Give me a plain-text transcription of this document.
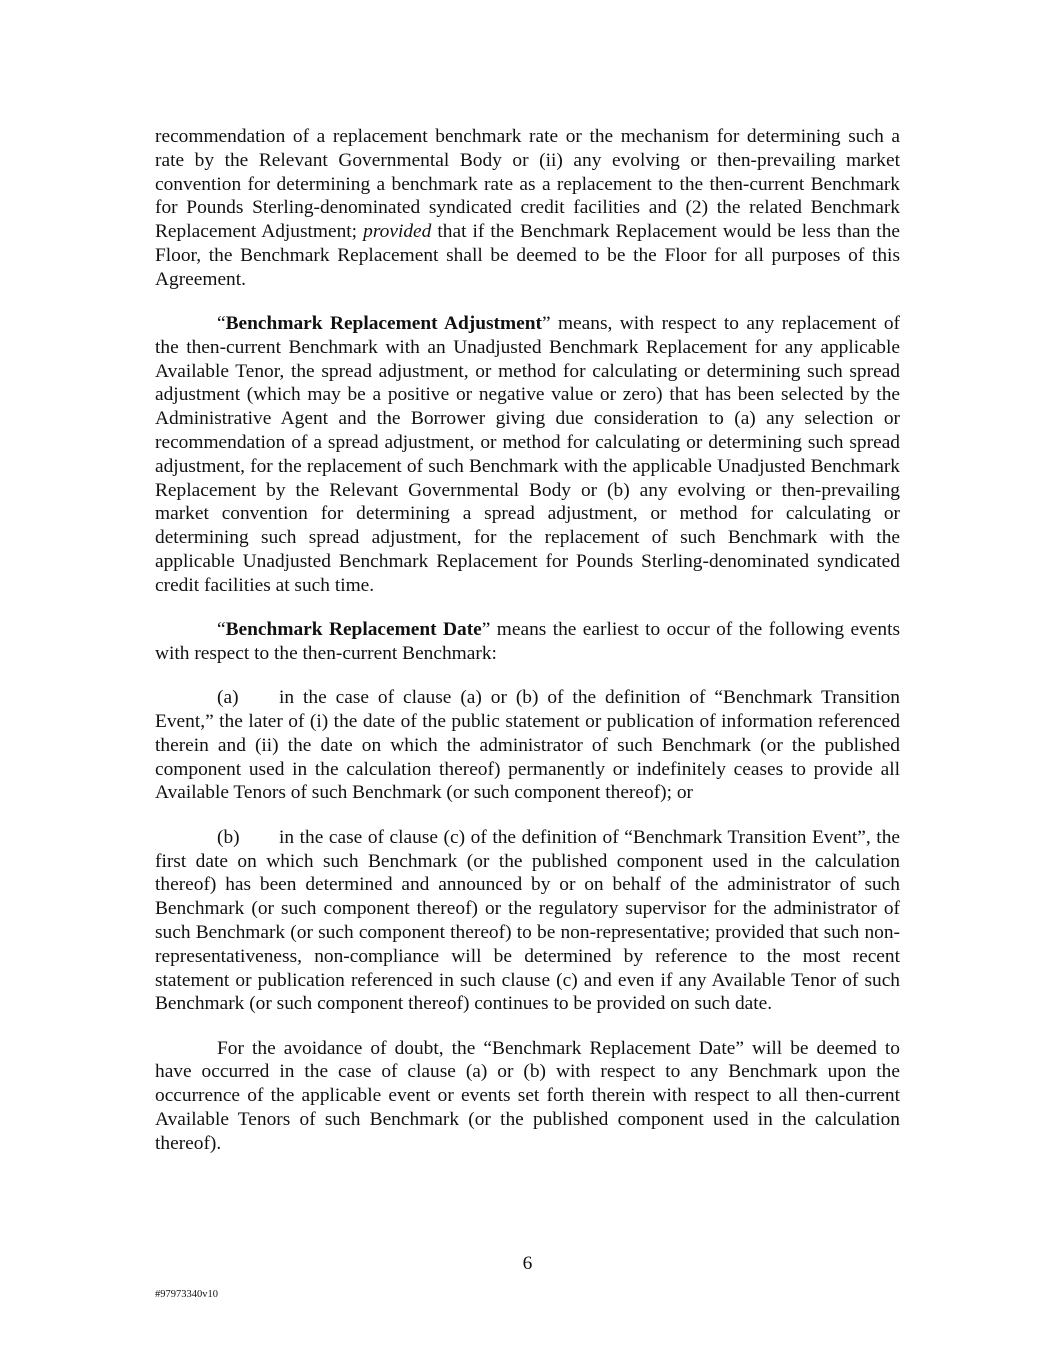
recommendation of a replacement benchmark rate or the mechanism for determining such a rate by the Relevant Governmental Body or (ii) any evolving or then-prevailing market convention for determining a benchmark rate as a replacement to the then-current Benchmark for Pounds Sterling-denominated syndicated credit facilities and (2) the related Benchmark Replacement Adjustment; provided that if the Benchmark Replacement would be less than the Floor, the Benchmark Replacement shall be deemed to be the Floor for all purposes of this Agreement.

“Benchmark Replacement Adjustment” means, with respect to any replacement of the then-current Benchmark with an Unadjusted Benchmark Replacement for any applicable Available Tenor, the spread adjustment, or method for calculating or determining such spread adjustment (which may be a positive or negative value or zero) that has been selected by the Administrative Agent and the Borrower giving due consideration to (a) any selection or recommendation of a spread adjustment, or method for calculating or determining such spread adjustment, for the replacement of such Benchmark with the applicable Unadjusted Benchmark Replacement by the Relevant Governmental Body or (b) any evolving or then-prevailing market convention for determining a spread adjustment, or method for calculating or determining such spread adjustment, for the replacement of such Benchmark with the applicable Unadjusted Benchmark Replacement for Pounds Sterling-denominated syndicated credit facilities at such time.

“Benchmark Replacement Date” means the earliest to occur of the following events with respect to the then-current Benchmark:

(a) in the case of clause (a) or (b) of the definition of “Benchmark Transition Event,” the later of (i) the date of the public statement or publication of information referenced therein and (ii) the date on which the administrator of such Benchmark (or the published component used in the calculation thereof) permanently or indefinitely ceases to provide all Available Tenors of such Benchmark (or such component thereof); or

(b) in the case of clause (c) of the definition of “Benchmark Transition Event”, the first date on which such Benchmark (or the published component used in the calculation thereof) has been determined and announced by or on behalf of the administrator of such Benchmark (or such component thereof) or the regulatory supervisor for the administrator of such Benchmark (or such component thereof) to be non-representative; provided that such non-representativeness, non-compliance will be determined by reference to the most recent statement or publication referenced in such clause (c) and even if any Available Tenor of such Benchmark (or such component thereof) continues to be provided on such date.

For the avoidance of doubt, the “Benchmark Replacement Date” will be deemed to have occurred in the case of clause (a) or (b) with respect to any Benchmark upon the occurrence of the applicable event or events set forth therein with respect to all then-current Available Tenors of such Benchmark (or the published component used in the calculation thereof).

6
#97973340v10
